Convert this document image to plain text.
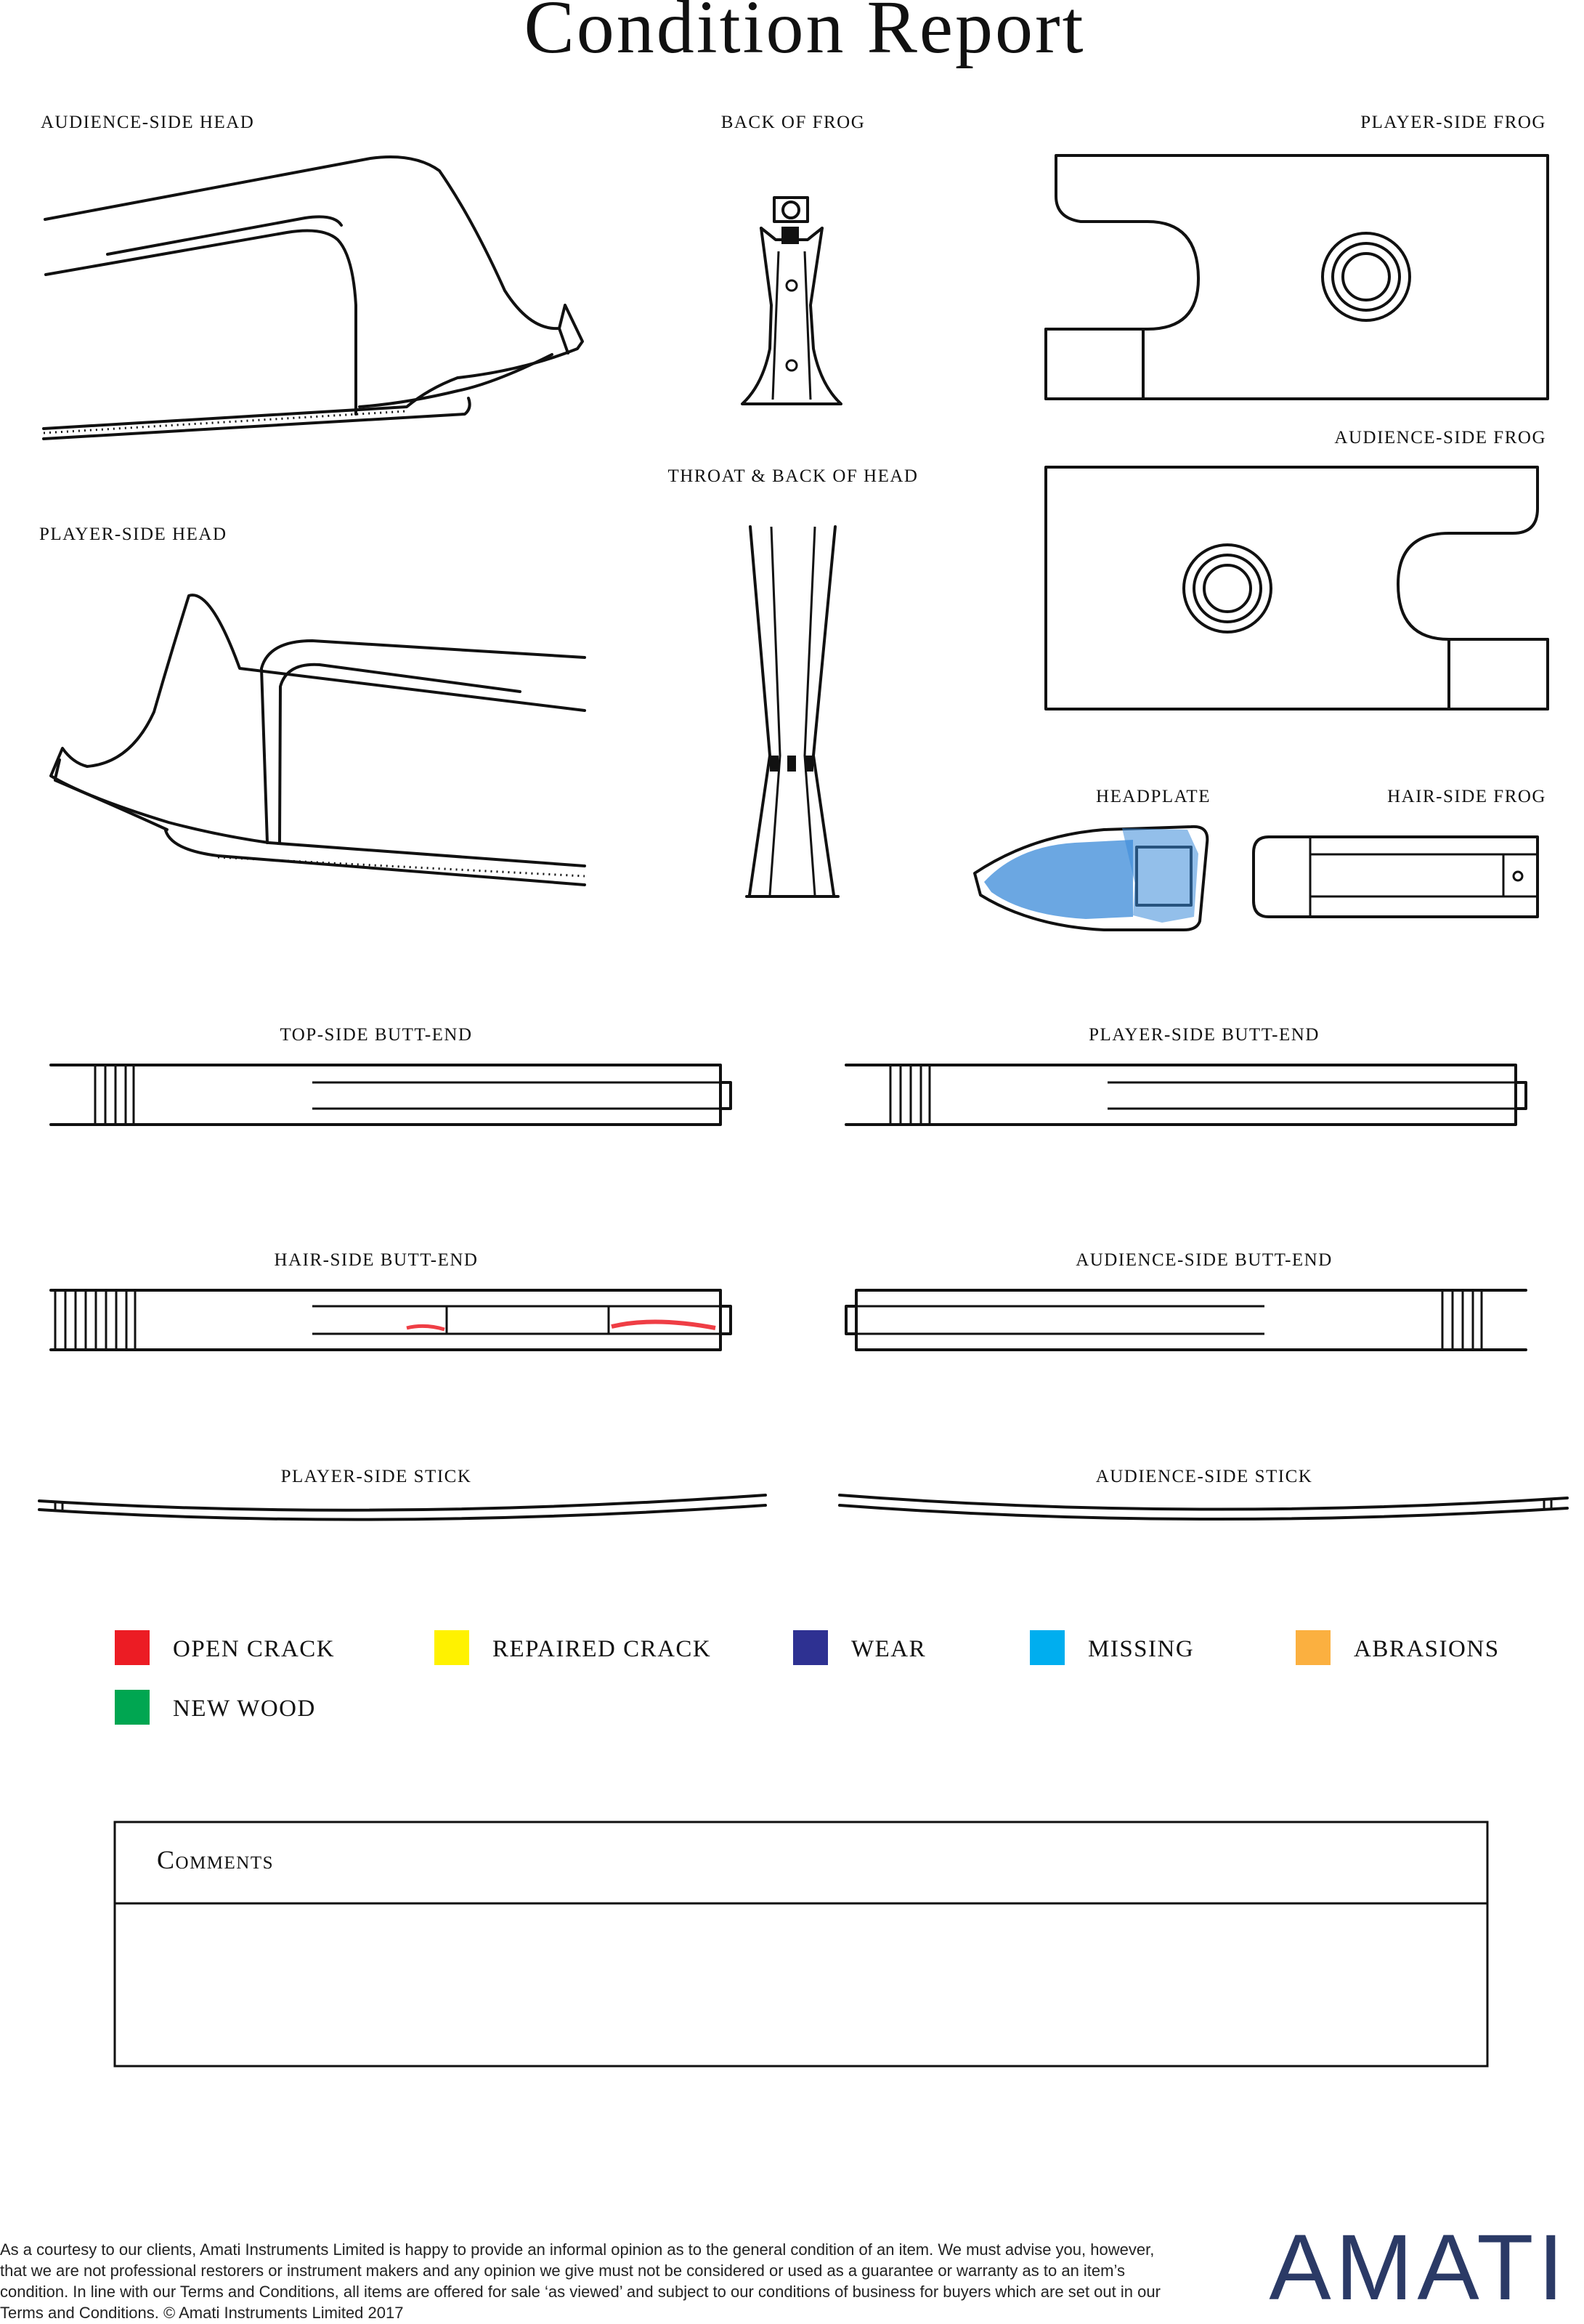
Condition Report
AUDIENCE-SIDE HEAD	BACK OF FROG	PLAYER-SIDE FROG
AUDIENCE-SIDE FROG
THROAT & BACK OF HEAD
PLAYER-SIDE HEAD
HEADPLATE	HAIR-SIDE FROG
TOP-SIDE BUTT-END	PLAYER-SIDE BUTT-END
HAIR-SIDE BUTT-END	AUDIENCE-SIDE BUTT-END
PLAYER-SIDE STICK	AUDIENCE-SIDE STICK
OPEN CRACK	REPAIRED CRACK	WEAR	MISSING	ABRASIONS
NEW WOOD
Comments

As a courtesy to our clients, Amati Instruments Limited is happy to provide an informal opinion as to the general condition of an item. We must advise you, however, that we are not professional restorers or instrument makers and any opinion we give must not be considered or used as a guarantee or warranty as to an item’s condition. In line with our Terms and Conditions, all items are offered for sale ‘as viewed’ and subject to our conditions of business for buyers which are set out in our Terms and Conditions. © Amati Instruments Limited 2017	AMATI
